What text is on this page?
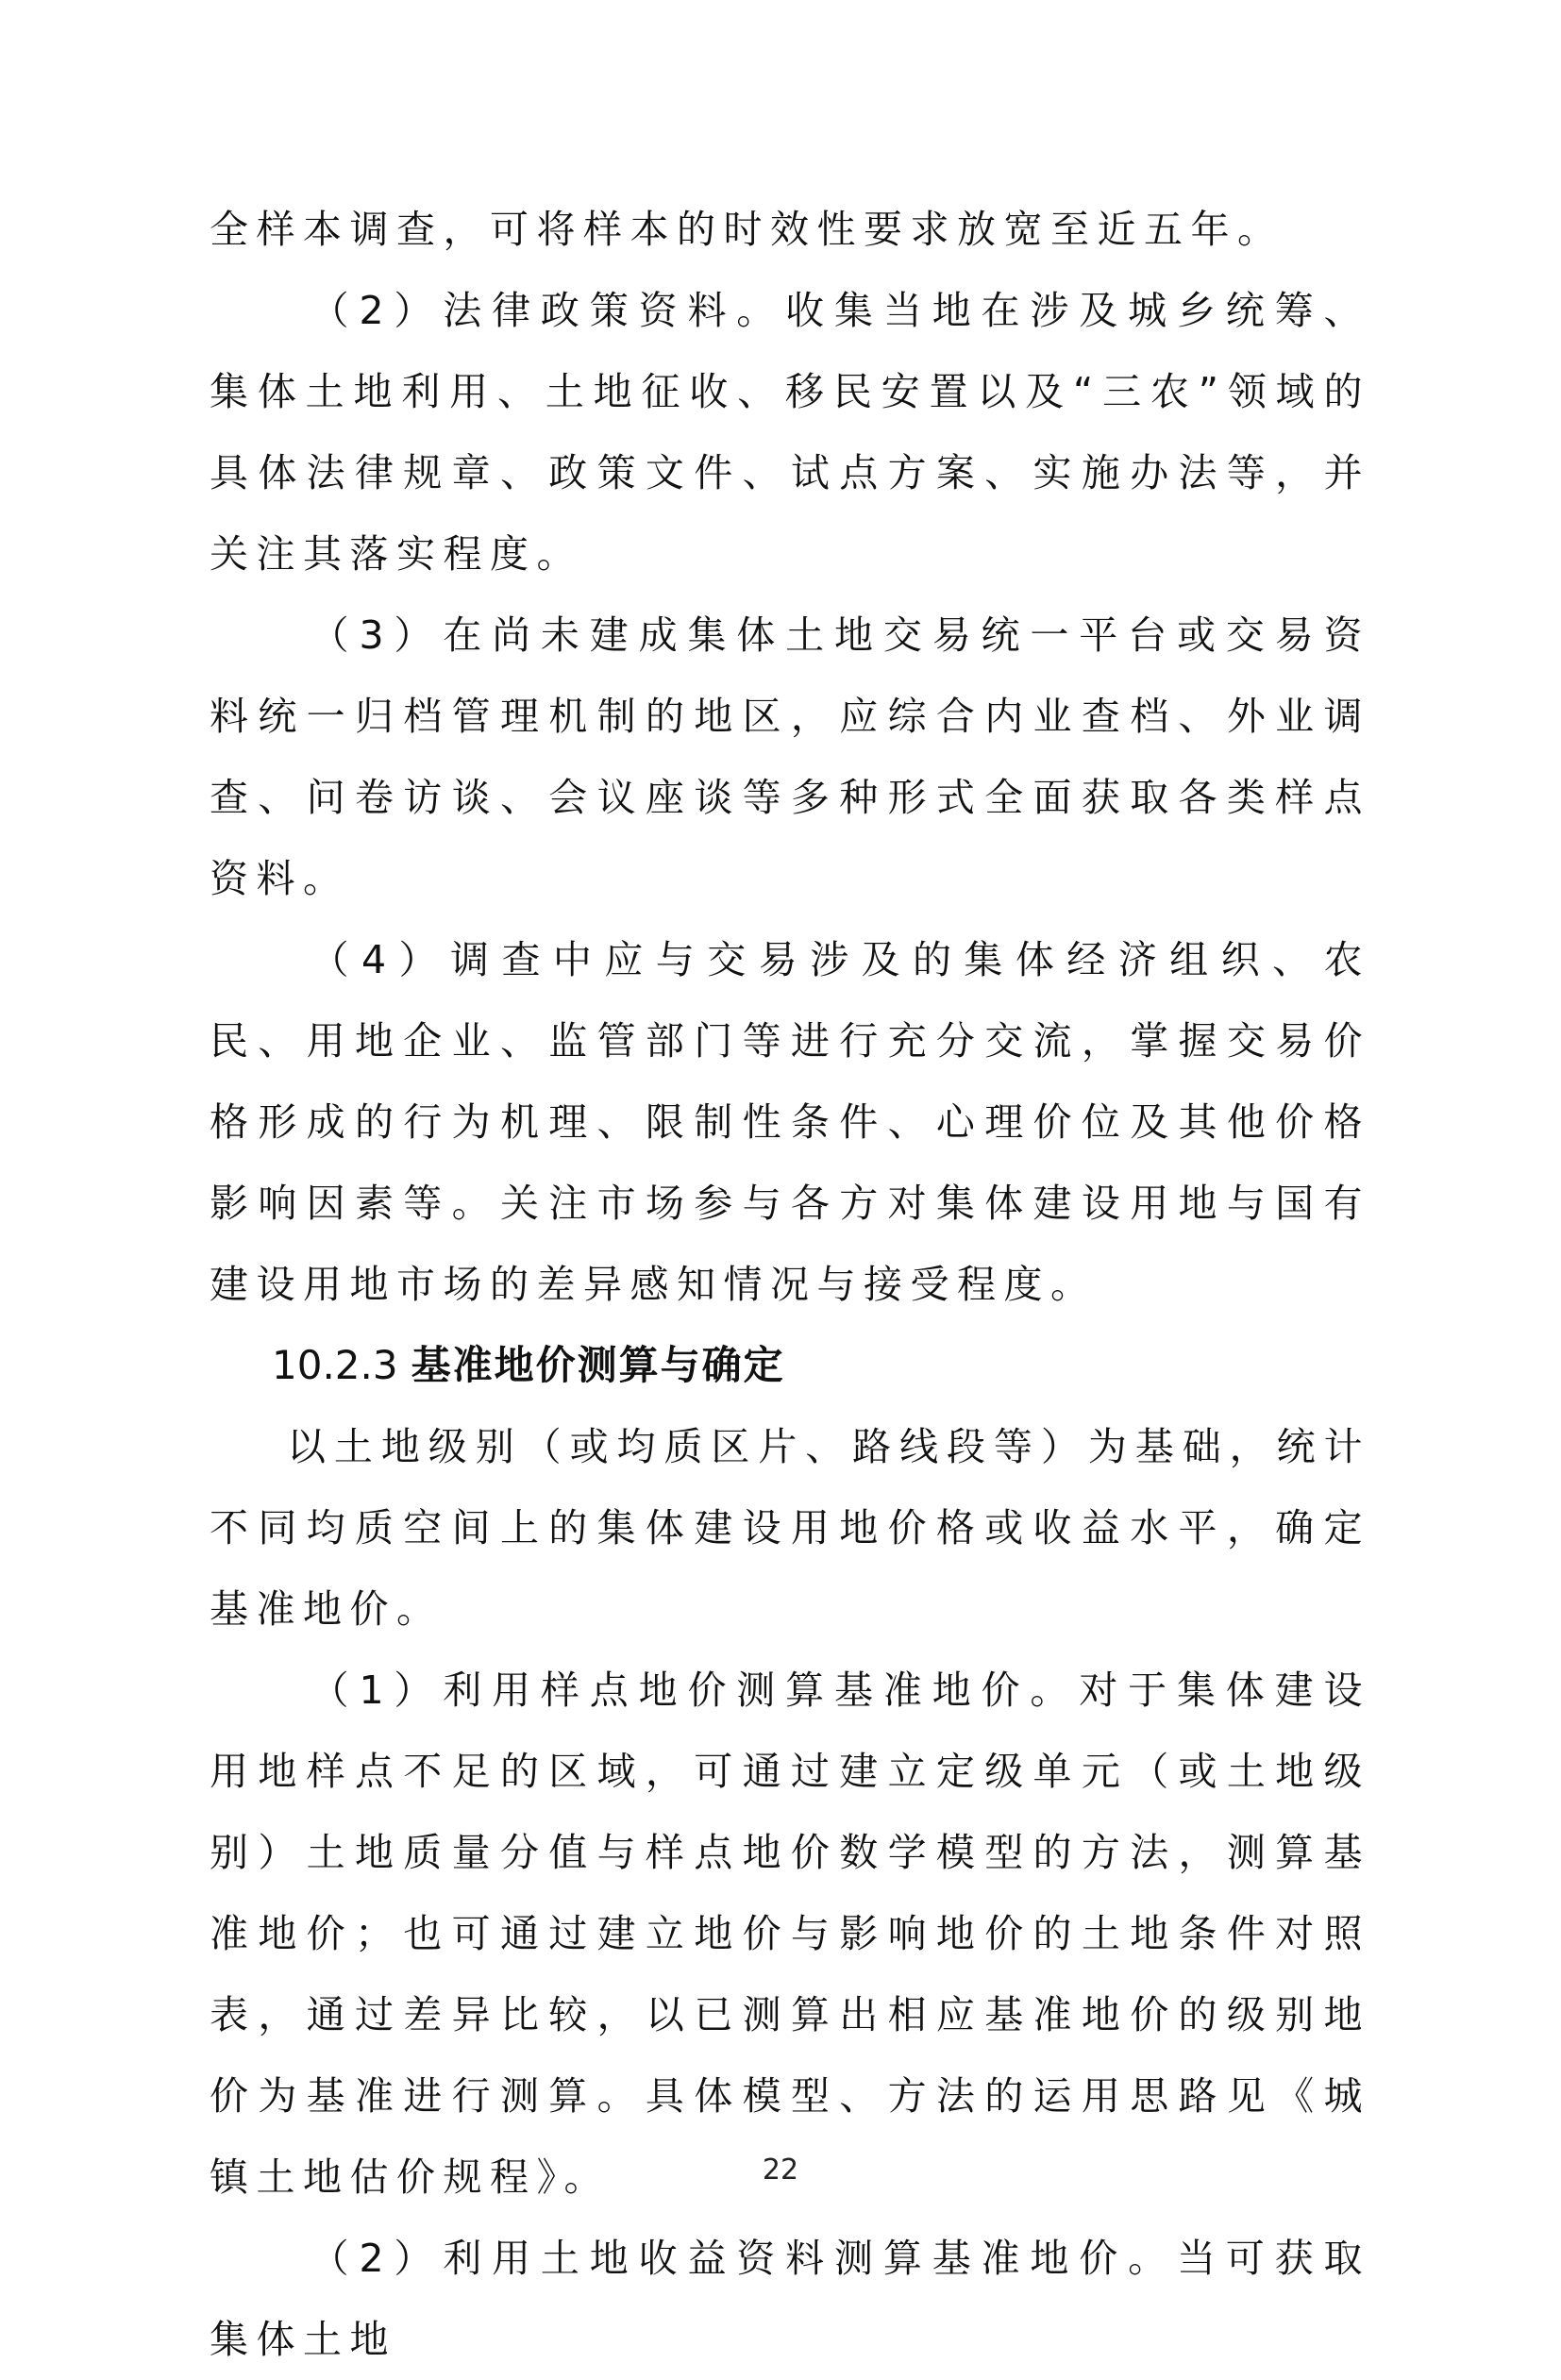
全样本调查，可将样本的时效性要求放宽至近五年。

（2）法律政策资料。收集当地在涉及城乡统筹、集体土地利用、土地征收、移民安置以及“三农”领域的具体法律规章、政策文件、试点方案、实施办法等，并关注其落实程度。

（3）在尚未建成集体土地交易统一平台或交易资料统一归档管理机制的地区，应综合内业查档、外业调查、问卷访谈、会议座谈等多种形式全面获取各类样点资料。

（4）调查中应与交易涉及的集体经济组织、农民、用地企业、监管部门等进行充分交流，掌握交易价格形成的行为机理、限制性条件、心理价位及其他价格影响因素等。关注市场参与各方对集体建设用地与国有建设用地市场的差异感知情况与接受程度。

10.2.3 基准地价测算与确定

以土地级别（或均质区片、路线段等）为基础，统计不同均质空间上的集体建设用地价格或收益水平，确定基准地价。

（1）利用样点地价测算基准地价。对于集体建设用地样点不足的区域，可通过建立定级单元（或土地级别）土地质量分值与样点地价数学模型的方法，测算基准地价；也可通过建立地价与影响地价的土地条件对照表，通过差异比较，以已测算出相应基准地价的级别地价为基准进行测算。具体模型、方法的运用思路见《城镇土地估价规程》。

（2）利用土地收益资料测算基准地价。当可获取集体土地

22
